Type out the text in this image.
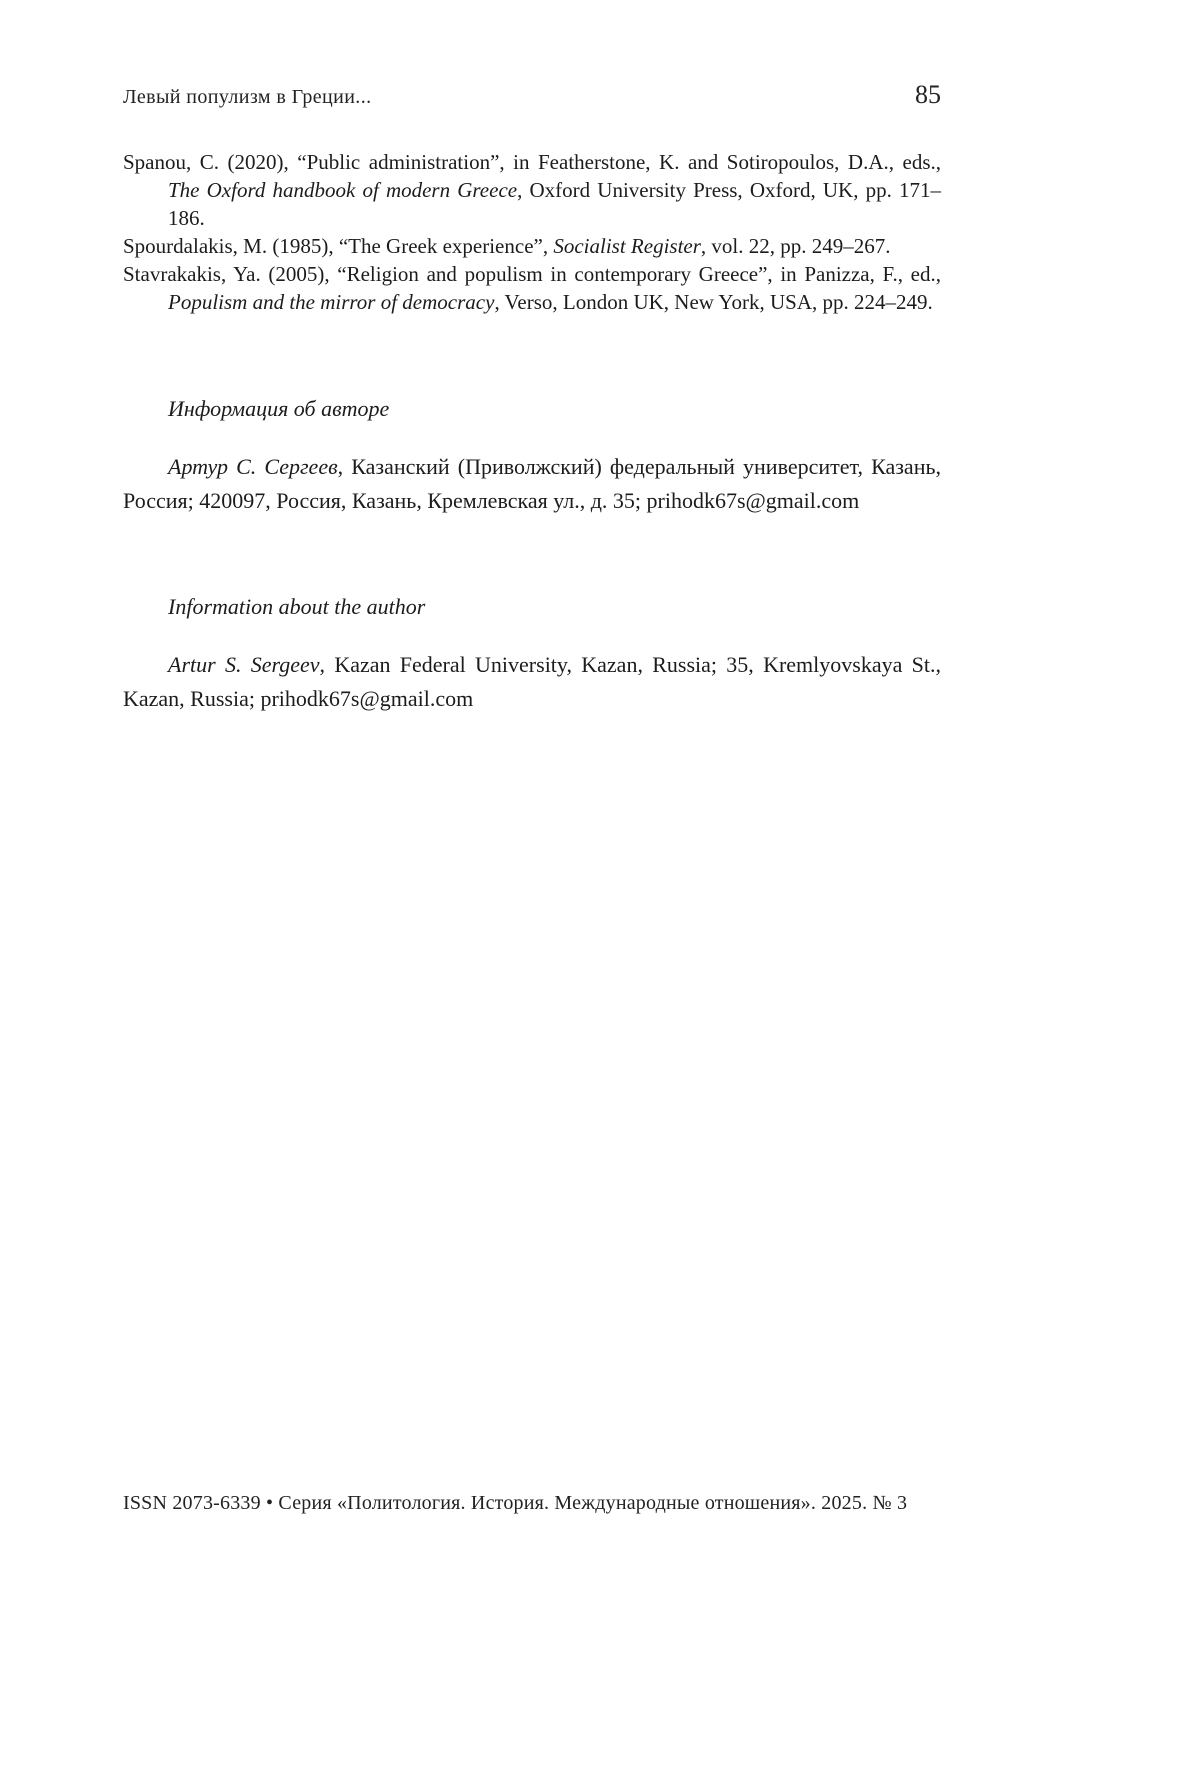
Левый популизм в Греции...	85

Spanou, C. (2020), “Public administration”, in Featherstone, K. and Sotiropoulos, D.A., eds., The Oxford handbook of modern Greece, Oxford University Press, Oxford, UK, pp. 171–186.

Spourdalakis, M. (1985), “The Greek experience”, Socialist Register, vol. 22, pp. 249–267.

Stavrakakis, Ya. (2005), “Religion and populism in contemporary Greece”, in Panizza, F., ed., Populism and the mirror of democracy, Verso, London UK, New York, USA, pp. 224–249.

Информация об авторе

Артур С. Сергеев, Казанский (Приволжский) федеральный университет, Казань, Россия; 420097, Россия, Казань, Кремлевская ул., д. 35; prihodk67s@gmail.com

Information about the author

Artur S. Sergeev, Kazan Federal University, Kazan, Russia; 35, Kremlyovskaya St., Kazan, Russia; prihodk67s@gmail.com

ISSN 2073-6339 • Серия «Политология. История. Международные отношения». 2025. № 3
